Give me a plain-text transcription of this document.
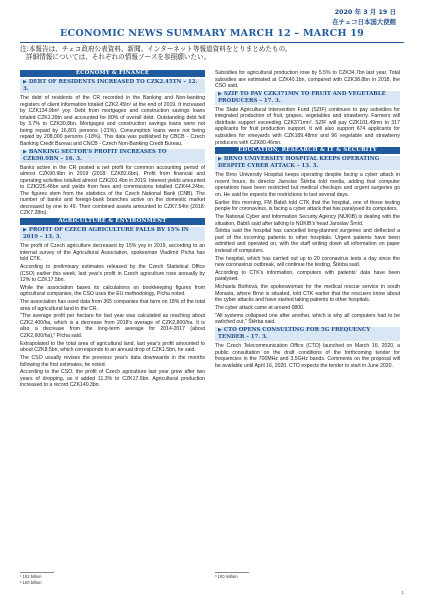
2020 年 3 月 19 日
在チェコ日本国大使館
ECONOMIC NEWS SUMMARY MARCH 12 – MARCH 19
注:本報告は、チェコ政府公表資料、新聞、インターネット等報道資料をとりまとめたもの。
詳細情報については、それぞれの情報ソースを参照願いたい。
ECONOMY & FINANCE
▶ DEBT OF RESIDENTS INCREASED TO CZK2.45TN – 12. 3.

The debt of residents of the CR recorded in the Banking and Non-banking registers of client information totaled CZK2.45tn¹ at the end of 2019. It increased by CZK134.9bn² yoy. Debt from mortgages and construction savings loans totaled CZK1.39tn and accounted for 80% of overall debt. Outstanding debt fell by 3.7% to CZK30.8bn. Mortgages and construction savings loans were not being repaid by 16,801 persons (-21%). Consumption loans were not being repaid by 208,000 persons (-18%). This data was published by CBCB - Czech Banking Credit Bureau and CNCB - Czech Non-Banking Credit Bureau.

▶ BANKING SECTOR'S PROFIT INCREASES TO CZK90.9BN – 16. 3.

Banks active in the CR posted a net profit for common accounting period of almost CZK90.9bn in 2019 (2018: CZK82.6bn). Profit from financial and operating activities totalled almost CZK201.4bn in 2019. Interest yields amounted to CZK225.46bn and yields from fees and commissions totalled CZK44.24bn. The figures stem from the statistics of the Czech National Bank (CNB). The number of banks and foreign-bank branches active on the domestic market decreased by one to 49. Their combined assets amounted to CZK7.54tn (2018: CZK7.28tn).

AGRICULTURE & ENVIRONMENT
▶ PROFIT OF CZECH AGRICULTURE FALLS BY 15% IN 2019 – 13. 3.

The profit of Czech agriculture decreased by 15% yoy in 2019, according to an internal survey of the Agricultural Association, spokesman Vladimír Pícha has told CTK.

According to preliminary estimates released by the Czech Statistical Office (CSO) earlier this week, last year's profit in Czech agriculture rose annually by 12% to CZK17.5bn.

While the association bases its calculations on bookkeeping figures from agricultural companies, the CSO uses the EU methodology, Pícha noted.

The association has used data from 365 companies that farm on 18% of the total area of agricultural land in the CR.

"The average profit per hectare for last year was calculated as reaching about CZK2,400/ha, which is a decrease from 2018's average of CZK2,800/ha. It is also a decrease from the long-term average for 2014-2017 (about CZK2,600/ha)," Pícha said.

Extrapolated to the total area of agricultural land, last year's profit amounted to about CZK8.5bn, which corresponds to an annual drop of CZK1.5bn, he said.

The CSO usually revises the previous year's data downwards in the months following the first estimates, he noted.

According to the CSO, the profit of Czech agriculture last year grew after two years of dropping, as it added 11.3% to CZK17.5bn. Agricultural production increased to a record CZK140.3bn.

Subsidies for agricultural production rose by 5.5% to CZK34.7bn last year. Total subsidies are estimated at CZK40.1bn, compared with CZK38.8bn in 2018, the CSO said.

▶ SZIF TO PAY CZK371MN TO FRUIT AND VEGETABLE PRODUCERS – 17. 3.

The State Agricultural Intervention Fund (SZIF) continues to pay subsidies for integrated production of fruit, grapes, vegetables and strawberry. Farmers will distribute support exceeding CZK371mn³. SZIF will pay CZK101.49mn to 317 applicants for fruit production support. It will also support 674 applicants for subsidies for vineyards with CZK189.48mn and 96 vegetable and strawberry producers with CZK80.46mn.

EDUCATION, RESEARCH & IT & SECURITY
▶ BRNO UNIVERSITY HOSPITAL KEEPS OPERATING DESPITE CYBER ATTACK – 13. 3.

The Brno University Hospital keeps operating despite facing a cyber attack in recent hours, its director Jaroslav Štěrba told media, adding that computer operations have been restricted but medical checkups and urgent surgeries go on. He said he expects the restrictions to last several days.

Earlier this morning, FM Babiš told CTK that the hospital, one of those testing people for coronavirus, is facing a cyber attack that has paralysed its computers.

The National Cyber and Information Security Agency (NÚKIB) is dealing with the situation, Babiš said after talking to NÚKIB's head Jaroslav Šmíd.

Štěrba said the hospital has cancelled long-planned surgeries and deflected a part of the incoming patients to other hospitals. Urgent patients have been admitted and operated on, with the staff writing down all information on paper instead of computers.

The hospital, which has carried out up to 20 coronavirus tests a day since the new coronavirus outbreak, will continue the testing, Štěrba said.

According to CTK's information, computers with patients' data have been paralysed.

Michaela Bothová, the spokeswoman for the medical rescue service in south Moravia, where Brno is situated, told CTK earlier that the rescuers know about the cyber attacks and have started taking patients to other hospitals.

The cyber attack came at around 0800.

"All systems collapsed one after another, which is why all computers had to be switched out," Štěrba said.

▶ CTO OPENS CONSULTING FOR 5G FREQUENCY TENDER – 17. 3.

The Czech Telecommunication Office (CTO) launched on March 16, 2020, a public consultation on the draft conditions of the forthcoming tender for frequencies in the 700MHz and 3.5GHz bands. Comments on the proposal will be available until April 16, 2020. CTO expects the tender to start in June 2020.

¹ 102 billion
² 100 billion
³ 100 million
1
